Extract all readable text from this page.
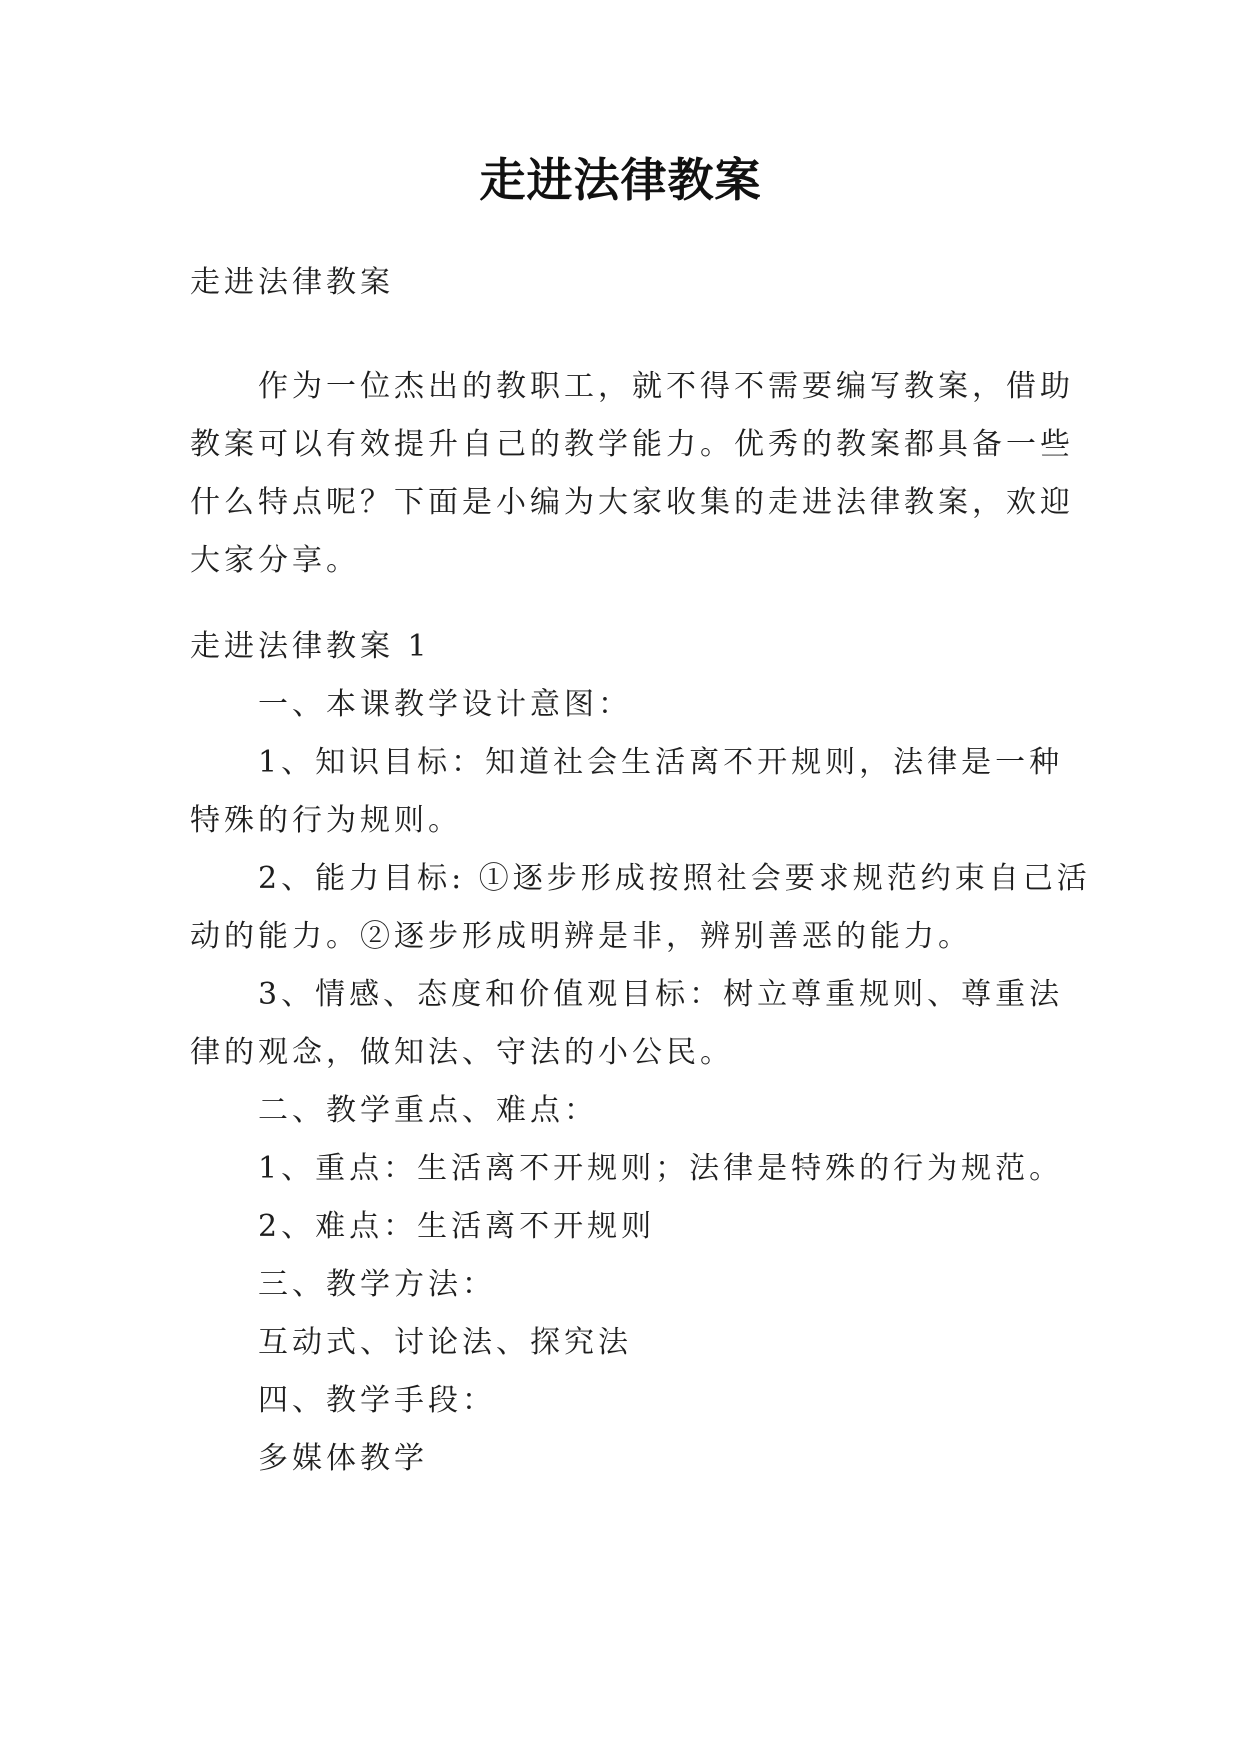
走进法律教案
走进法律教案
作为一位杰出的教职工，就不得不需要编写教案，借助
教案可以有效提升自己的教学能力。优秀的教案都具备一些
什么特点呢？下面是小编为大家收集的走进法律教案，欢迎
大家分享。
走进法律教案 1
一、本课教学设计意图：
1、知识目标：知道社会生活离不开规则，法律是一种
特殊的行为规则。
2、能力目标: ①逐步形成按照社会要求规范约束自己活
动的能力。②逐步形成明辨是非，辨别善恶的能力。
3、情感、态度和价值观目标：树立尊重规则、尊重法
律的观念，做知法、守法的小公民。
二、教学重点、难点：
1、重点：生活离不开规则；法律是特殊的行为规范。
2、难点：生活离不开规则
三、教学方法：
互动式、讨论法、探究法
四、教学手段：
多媒体教学
